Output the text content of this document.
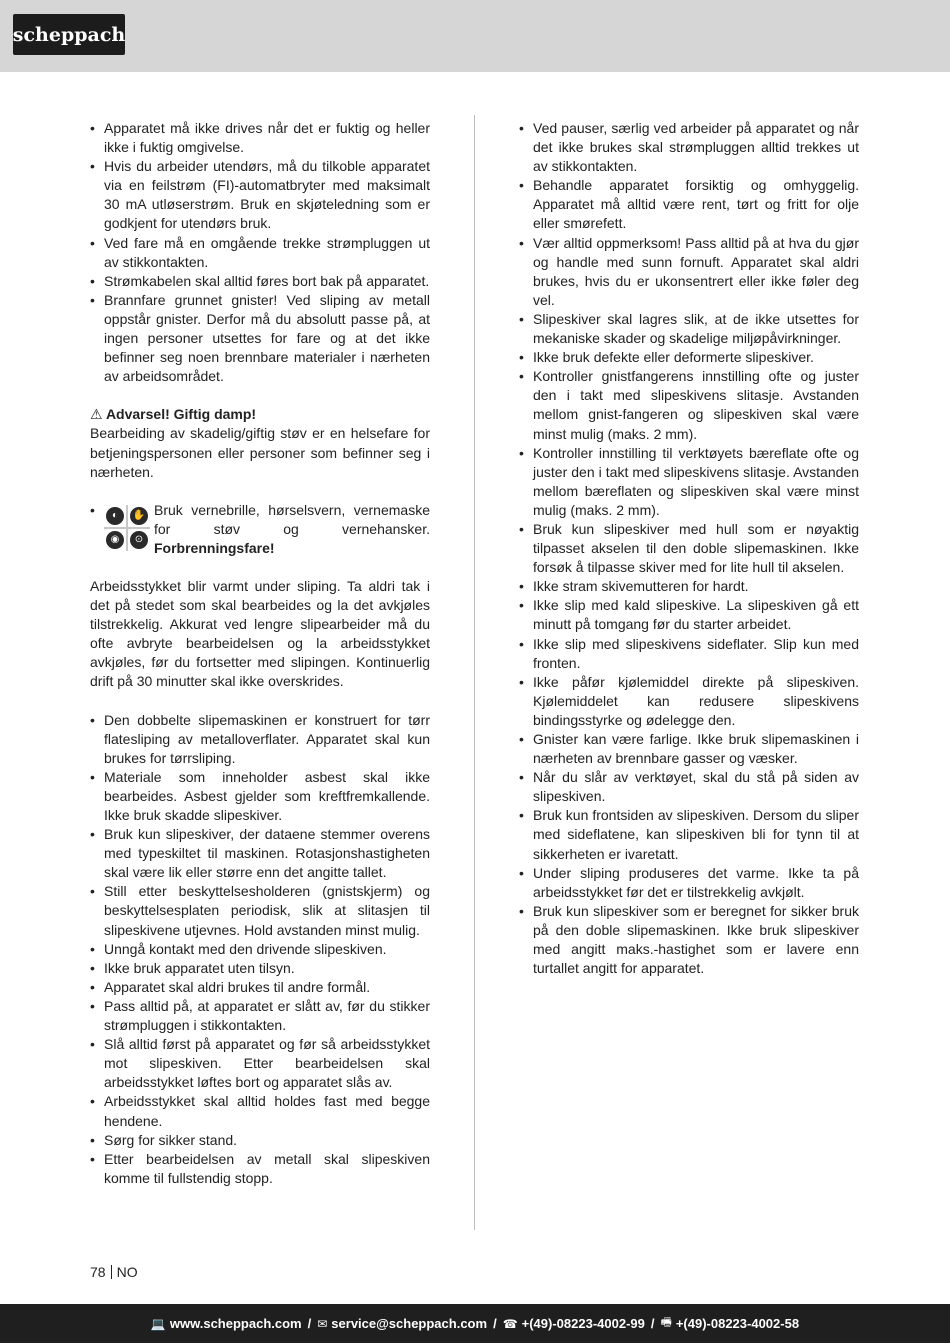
scheppach
• Apparatet må ikke drives når det er fuktig og heller ikke i fuktig omgivelse.
• Hvis du arbeider utendørs, må du tilkoble apparatet via en feilstrøm (FI)-automatbryter med maksimalt 30 mA utløserstrøm. Bruk en skjøteledning som er godkjent for utendørs bruk.
• Ved fare må en omgående trekke strømpluggen ut av stikkontakten.
• Strømkabelen skal alltid føres bort bak på apparatet.
• Brannfare grunnet gnister! Ved sliping av metall oppstår gnister. Derfor må du absolutt passe på, at ingen personer utsettes for fare og at det ikke befinner seg noen brennbare materialer i nærheten av arbeidsområdet.

⚠ Advarsel! Giftig damp!

Bearbeiding av skadelig/giftig støv er en helsefare for betjeningspersonen eller personer som befinner seg i nærheten.

• ◐	✋
◉	⊙
Bruk vernebrille, hørselsvern, vernemaske for støv og vernehansker. Forbrenningsfare!

Arbeidsstykket blir varmt under sliping. Ta aldri tak i det på stedet som skal bearbeides og la det avkjøles tilstrekkelig. Akkurat ved lengre slipearbeider må du ofte avbryte bearbeidelsen og la arbeidsstykket avkjøles, før du fortsetter med slipingen. Kontinuerlig drift på 30 minutter skal ikke overskrides.

• Den dobbelte slipemaskinen er konstruert for tørr flatesliping av metalloverflater. Apparatet skal kun brukes for tørrsliping.
• Materiale som inneholder asbest skal ikke bearbeides. Asbest gjelder som kreftfremkallende. Ikke bruk skadde slipeskiver.
• Bruk kun slipeskiver, der dataene stemmer overens med typeskiltet til maskinen. Rotasjonshastigheten skal være lik eller større enn det angitte tallet.
• Still etter beskyttelsesholderen (gnistskjerm) og beskyttelsesplaten periodisk, slik at slitasjen til slipeskivene utjevnes. Hold avstanden minst mulig.
• Unngå kontakt med den drivende slipeskiven.
• Ikke bruk apparatet uten tilsyn.
• Apparatet skal aldri brukes til andre formål.
• Pass alltid på, at apparatet er slått av, før du stikker strømpluggen i stikkontakten.
• Slå alltid først på apparatet og før så arbeidsstykket mot slipeskiven. Etter bearbeidelsen skal arbeidsstykket løftes bort og apparatet slås av.
• Arbeidsstykket skal alltid holdes fast med begge hendene.
• Sørg for sikker stand.
• Etter bearbeidelsen av metall skal slipeskiven komme til fullstendig stopp.
• Ved pauser, særlig ved arbeider på apparatet og når det ikke brukes skal strømpluggen alltid trekkes ut av stikkontakten.
• Behandle apparatet forsiktig og omhyggelig. Apparatet må alltid være rent, tørt og fritt for olje eller smørefett.
• Vær alltid oppmerksom! Pass alltid på at hva du gjør og handle med sunn fornuft. Apparatet skal aldri brukes, hvis du er ukonsentrert eller ikke føler deg vel.
• Slipeskiver skal lagres slik, at de ikke utsettes for mekaniske skader og skadelige miljøpåvirkninger.
• Ikke bruk defekte eller deformerte slipeskiver.
• Kontroller gnistfangerens innstilling ofte og juster den i takt med slipeskivens slitasje. Avstanden mellom gnist-fangeren og slipeskiven skal være minst mulig (maks. 2 mm).
• Kontroller innstilling til verktøyets bæreflate ofte og juster den i takt med slipeskivens slitasje. Avstanden mellom bæreflaten og slipeskiven skal være minst mulig (maks. 2 mm).
• Bruk kun slipeskiver med hull som er nøyaktig tilpasset akselen til den doble slipemaskinen. Ikke forsøk å tilpasse skiver med for lite hull til akselen.
• Ikke stram skivemutteren for hardt.
• Ikke slip med kald slipeskive. La slipeskiven gå ett minutt på tomgang før du starter arbeidet.
• Ikke slip med slipeskivens sideflater. Slip kun med fronten.
• Ikke påfør kjølemiddel direkte på slipeskiven. Kjølemiddelet kan redusere slipeskivens bindingsstyrke og ødelegge den.
• Gnister kan være farlige. Ikke bruk slipemaskinen i nærheten av brennbare gasser og væsker.
• Når du slår av verktøyet, skal du stå på siden av slipeskiven.
• Bruk kun frontsiden av slipeskiven. Dersom du sliper med sideflatene, kan slipeskiven bli for tynn til at sikkerheten er ivaretatt.
• Under sliping produseres det varme. Ikke ta på arbeidsstykket før det er tilstrekkelig avkjølt.
• Bruk kun slipeskiver som er beregnet for sikker bruk på den doble slipemaskinen. Ikke bruk slipeskiver med angitt maks.-hastighet som er lavere enn turtallet angitt for apparatet.
78 NO
💻 www.scheppach.com / ✉ service@scheppach.com / ☎ +(49)-08223-4002-99 / 🖷 +(49)-08223-4002-58
